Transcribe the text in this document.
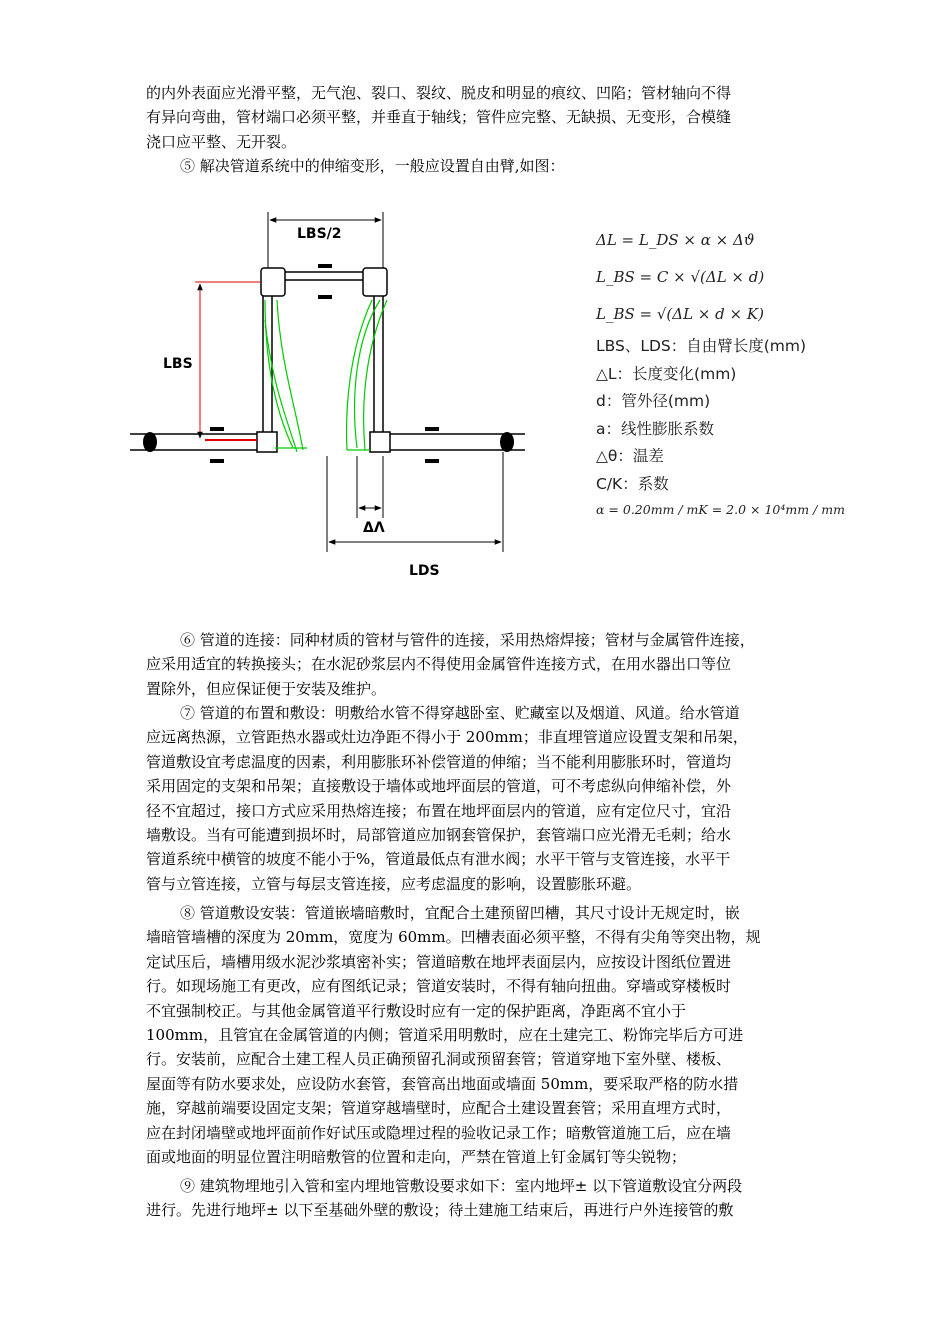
的内外表面应光滑平整，无气泡、裂口、裂纹、脱皮和明显的痕纹、凹陷；管材轴向不得
有异向弯曲，管材端口必须平整，并垂直于轴线；管件应完整、无缺损、无变形，合模缝
浇口应平整、无开裂。
⑤ 解决管道系统中的伸缩变形，一般应设置自由臂,如图：
LBS/2
LBS
ΔΛ
LDS
ΔL = L_DS × α × Δϑ
L_BS = C × √(ΔL × d)
L_BS = √(ΔL × d × K)
LBS、LDS：自由臂长度(mm)
△L：长度变化(mm)
d：管外径(mm)
a：线性膨胀系数
△θ：温差
C/K：系数
α = 0.20mm / mK = 2.0 × 10⁴mm / mm
⑥ 管道的连接：同种材质的管材与管件的连接，采用热熔焊接；管材与金属管件连接，
应采用适宜的转换接头；在水泥砂浆层内不得使用金属管件连接方式，在用水器出口等位
置除外，但应保证便于安装及维护。
⑦ 管道的布置和敷设：明敷给水管不得穿越卧室、贮藏室以及烟道、风道。给水管道
应远离热源，立管距热水器或灶边净距不得小于 200mm；非直埋管道应设置支架和吊架，
管道敷设宜考虑温度的因素，利用膨胀环补偿管道的伸缩；当不能利用膨胀环时，管道均
采用固定的支架和吊架；直接敷设于墙体或地坪面层的管道，可不考虑纵向伸缩补偿，外
径不宜超过，接口方式应采用热熔连接；布置在地坪面层内的管道，应有定位尺寸，宜沿
墙敷设。当有可能遭到损坏时，局部管道应加钢套管保护，套管端口应光滑无毛刺；给水
管道系统中横管的坡度不能小于%，管道最低点有泄水阀；水平干管与支管连接，水平干
管与立管连接，立管与每层支管连接，应考虑温度的影响，设置膨胀环避。
⑧ 管道敷设安装：管道嵌墙暗敷时，宜配合土建预留凹槽，其尺寸设计无规定时，嵌
墙暗管墙槽的深度为 20mm，宽度为 60mm。凹槽表面必须平整，不得有尖角等突出物，规
定试压后，墙槽用级水泥沙浆填密补实；管道暗敷在地坪表面层内，应按设计图纸位置进
行。如现场施工有更改，应有图纸记录；管道安装时，不得有轴向扭曲。穿墙或穿楼板时
不宜强制校正。与其他金属管道平行敷设时应有一定的保护距离，净距离不宜小于
100mm，且管宜在金属管道的内侧；管道采用明敷时，应在土建完工、粉饰完毕后方可进
行。安装前，应配合土建工程人员正确预留孔洞或预留套管；管道穿地下室外壁、楼板、
屋面等有防水要求处，应设防水套管，套管高出地面或墙面 50mm，要采取严格的防水措
施，穿越前端要设固定支架；管道穿越墙壁时，应配合土建设置套管；采用直埋方式时，
应在封闭墙壁或地坪面前作好试压或隐埋过程的验收记录工作；暗敷管道施工后，应在墙
面或地面的明显位置注明暗敷管的位置和走向，严禁在管道上钉金属钉等尖锐物；
⑨ 建筑物埋地引入管和室内埋地管敷设要求如下：室内地坪± 以下管道敷设宜分两段
进行。先进行地坪± 以下至基础外壁的敷设；待土建施工结束后，再进行户外连接管的敷
